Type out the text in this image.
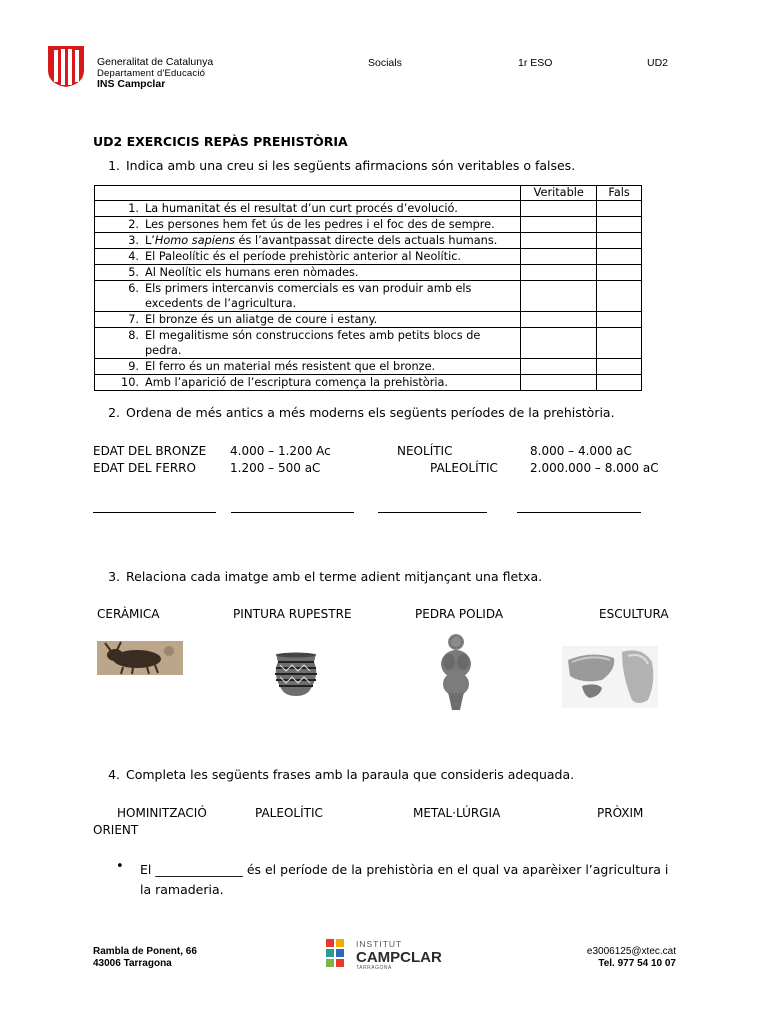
Generalitat de Catalunya
Departament d'Educació
INS Campclar
Socials	1r ESO	UD2
UD2 EXERCICIS REPÀS PREHISTÒRIA
1. Indica amb una creu si les següents afirmacions són veritables o falses.
	Veritable	Fals
1. La humanitat és el resultat d’un curt procés d’evolució.		
2. Les persones hem fet ús de les pedres i el foc des de sempre.		
3. L’Homo sapiens és l’avantpassat directe dels actuals humans.		
4. El Paleolític és el període prehistòric anterior al Neolític.		
5. Al Neolític els humans eren nòmades.		
6. Els primers intercanvis comercials es van produir amb els excedents de l’agricultura.		
7. El bronze és un aliatge de coure i estany.		
8. El megalitisme són construccions fetes amb petits blocs de pedra.		
9. El ferro és un material més resistent que el bronze.		
10. Amb l’aparició de l’escriptura comença la prehistòria.		
2. Ordena de més antics a més moderns els següents períodes de la prehistòria.
EDAT DEL BRONZE 4.000 – 1.200 Ac	NEOLÍTIC	8.000 – 4.000 aC
EDAT DEL FERRO	1.200 – 500 aC	PALEOLÍTIC	2.000.000 – 8.000 aC
3. Relaciona cada imatge amb el terme adient mitjançant una fletxa.
CERÀMICA	PINTURA RUPESTRE	PEDRA POLIDA	ESCULTURA
4. Completa les següents frases amb la paraula que consideris adequada.
HOMINITZACIÓ	PALEOLÍTIC	METAL·LÚRGIA	PRÒXIM
ORIENT
• El ______________ és el període de la prehistòria en el qual va aparèixer l’agricultura i
la ramaderia.
Rambla de Ponent, 66
43006 Tarragona
INSTITUT
CAMPCLAR
TARRAGONA
e3006125@xtec.cat
Tel. 977 54 10 07
